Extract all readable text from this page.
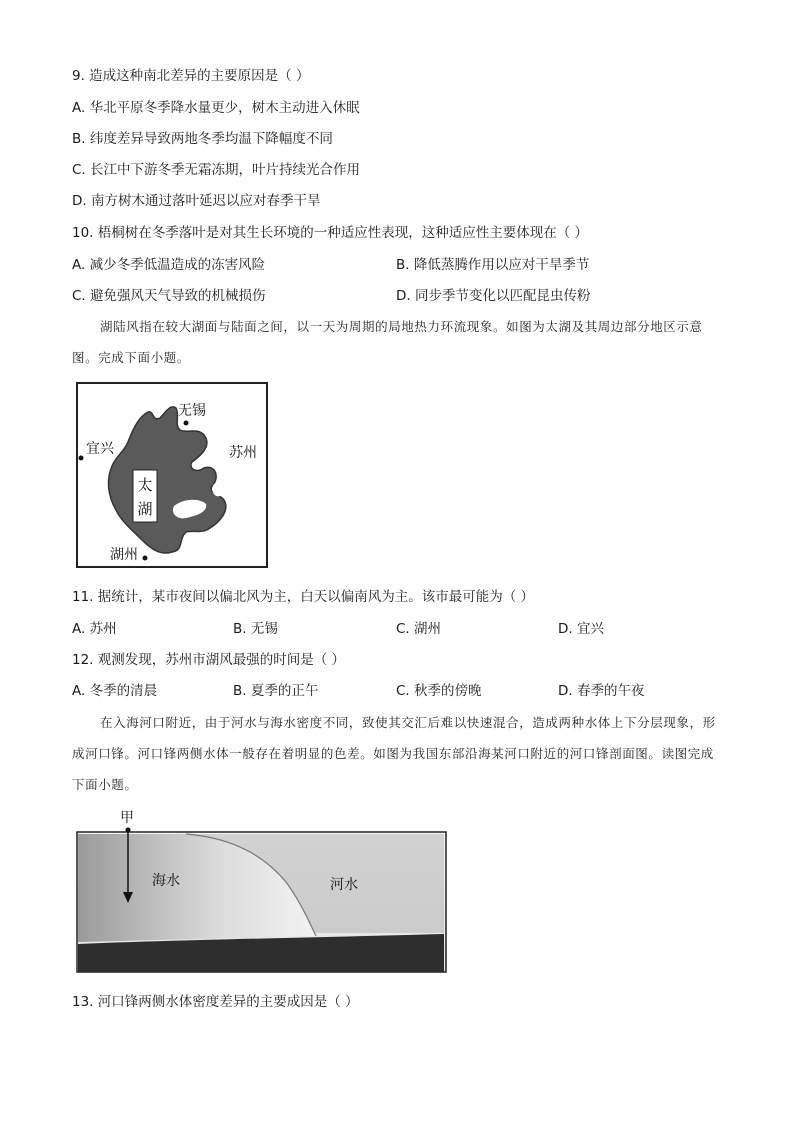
9. 造成这种南北差异的主要原因是（ ）
A. 华北平原冬季降水量更少，树木主动进入休眠
B. 纬度差异导致两地冬季均温下降幅度不同
C. 长江中下游冬季无霜冻期，叶片持续光合作用
D. 南方树木通过落叶延迟以应对春季干旱
10. 梧桐树在冬季落叶是对其生长环境的一种适应性表现，这种适应性主要体现在（ ）
A. 减少冬季低温造成的冻害风险	B. 降低蒸腾作用以应对干旱季节
C. 避免强风天气导致的机械损伤	D. 同步季节变化以匹配昆虫传粉
湖陆风指在较大湖面与陆面之间，以一天为周期的局地热力环流现象。如图为太湖及其周边部分地区示意图。完成下面小题。
太
湖
无锡
宜兴	苏州
湖州
11. 据统计，某市夜间以偏北风为主，白天以偏南风为主。该市最可能为（ ）
A. 苏州	B. 无锡	C. 湖州	D. 宜兴
12. 观测发现，苏州市湖风最强的时间是（ ）
A. 冬季的清晨	B. 夏季的正午	C. 秋季的傍晚	D. 春季的午夜
在入海河口附近，由于河水与海水密度不同，致使其交汇后难以快速混合，造成两种水体上下分层现象，形成河口锋。河口锋两侧水体一般存在着明显的色差。如图为我国东部沿海某河口附近的河口锋剖面图。读图完成下面小题。
甲
海水	河水
13. 河口锋两侧水体密度差异的主要成因是（ ）
